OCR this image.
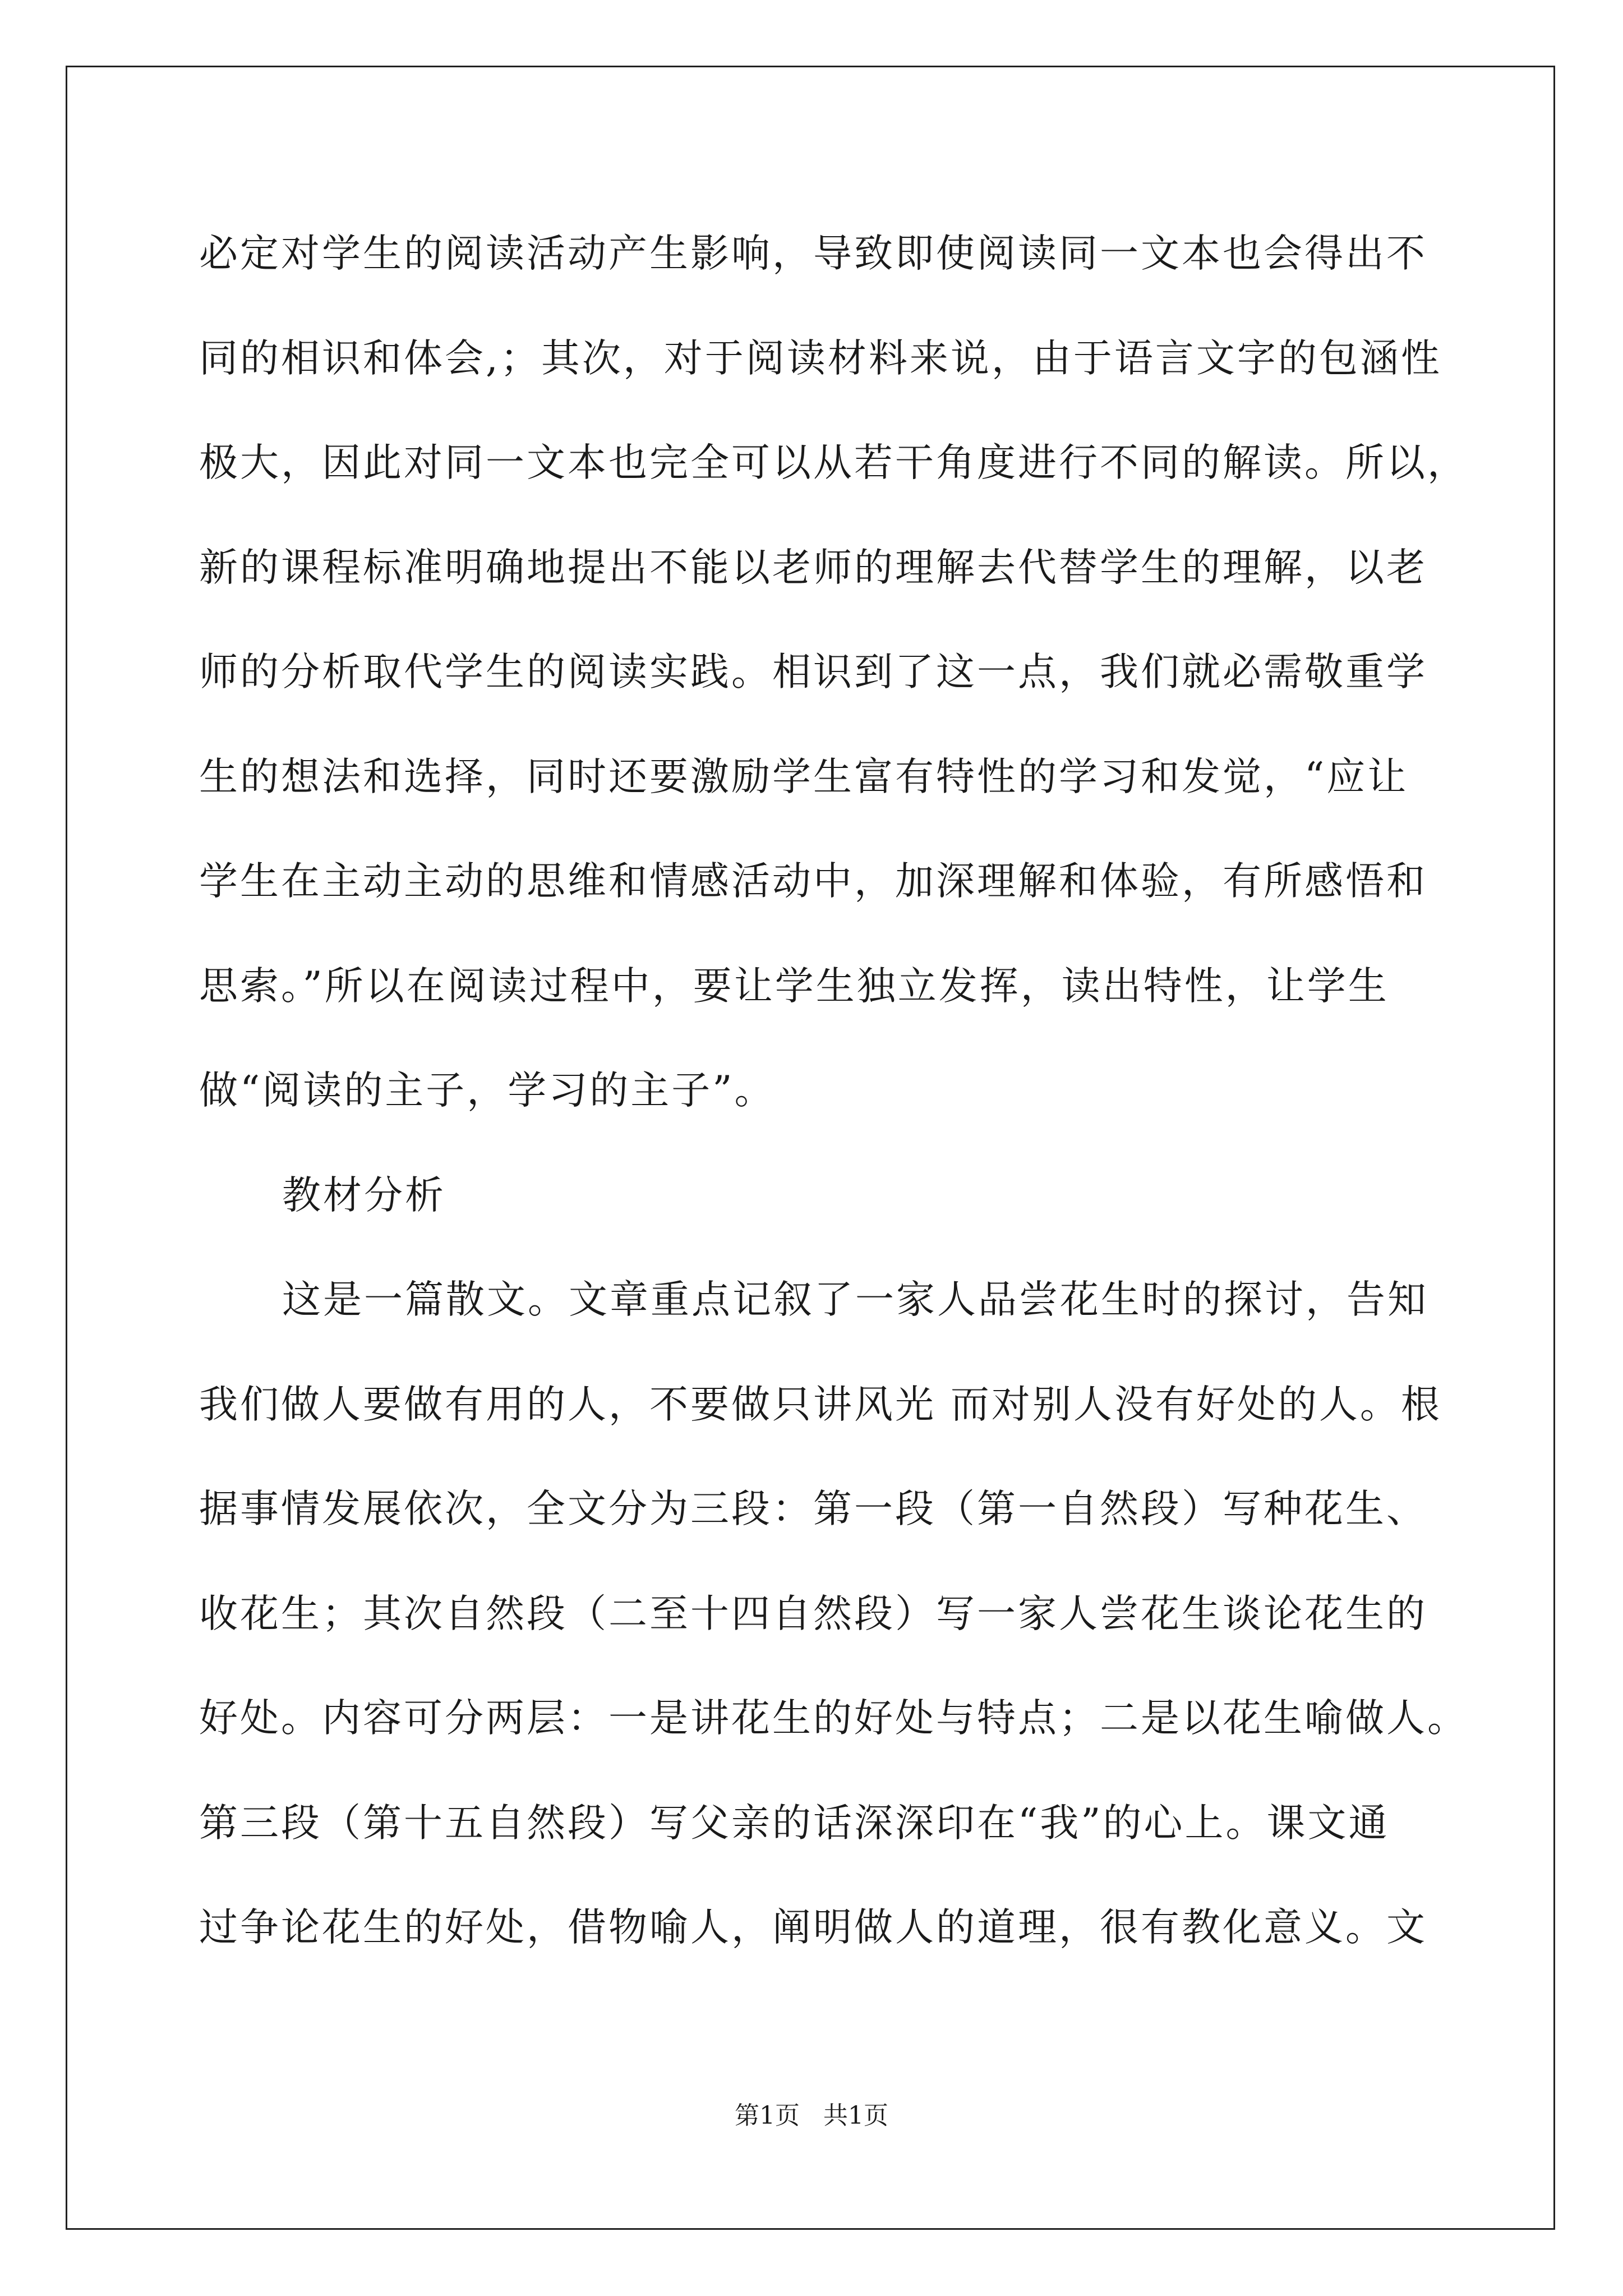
必定对学生的阅读活动产生影响，导致即使阅读同一文本也会得出不
同的相识和体会,；其次，对于阅读材料来说，由于语言文字的包涵性
极大，因此对同一文本也完全可以从若干角度进行不同的解读。所以，
新的课程标准明确地提出不能以老师的理解去代替学生的理解，以老
师的分析取代学生的阅读实践。相识到了这一点，我们就必需敬重学
生的想法和选择，同时还要激励学生富有特性的学习和发觉，“应让
学生在主动主动的思维和情感活动中，加深理解和体验，有所感悟和
思索。”所以在阅读过程中，要让学生独立发挥，读出特性，让学生
做“阅读的主子，学习的主子”。
教材分析
这是一篇散文。文章重点记叙了一家人品尝花生时的探讨，告知
我们做人要做有用的人，不要做只讲风光 而对别人没有好处的人。根
据事情发展依次，全文分为三段：第一段（第一自然段）写种花生、
收花生；其次自然段（二至十四自然段）写一家人尝花生谈论花生的
好处。内容可分两层：一是讲花生的好处与特点；二是以花生喻做人。
第三段（第十五自然段）写父亲的话深深印在“我”的心上。课文通
过争论花生的好处，借物喻人，阐明做人的道理，很有教化意义。文
第1页   共1页
